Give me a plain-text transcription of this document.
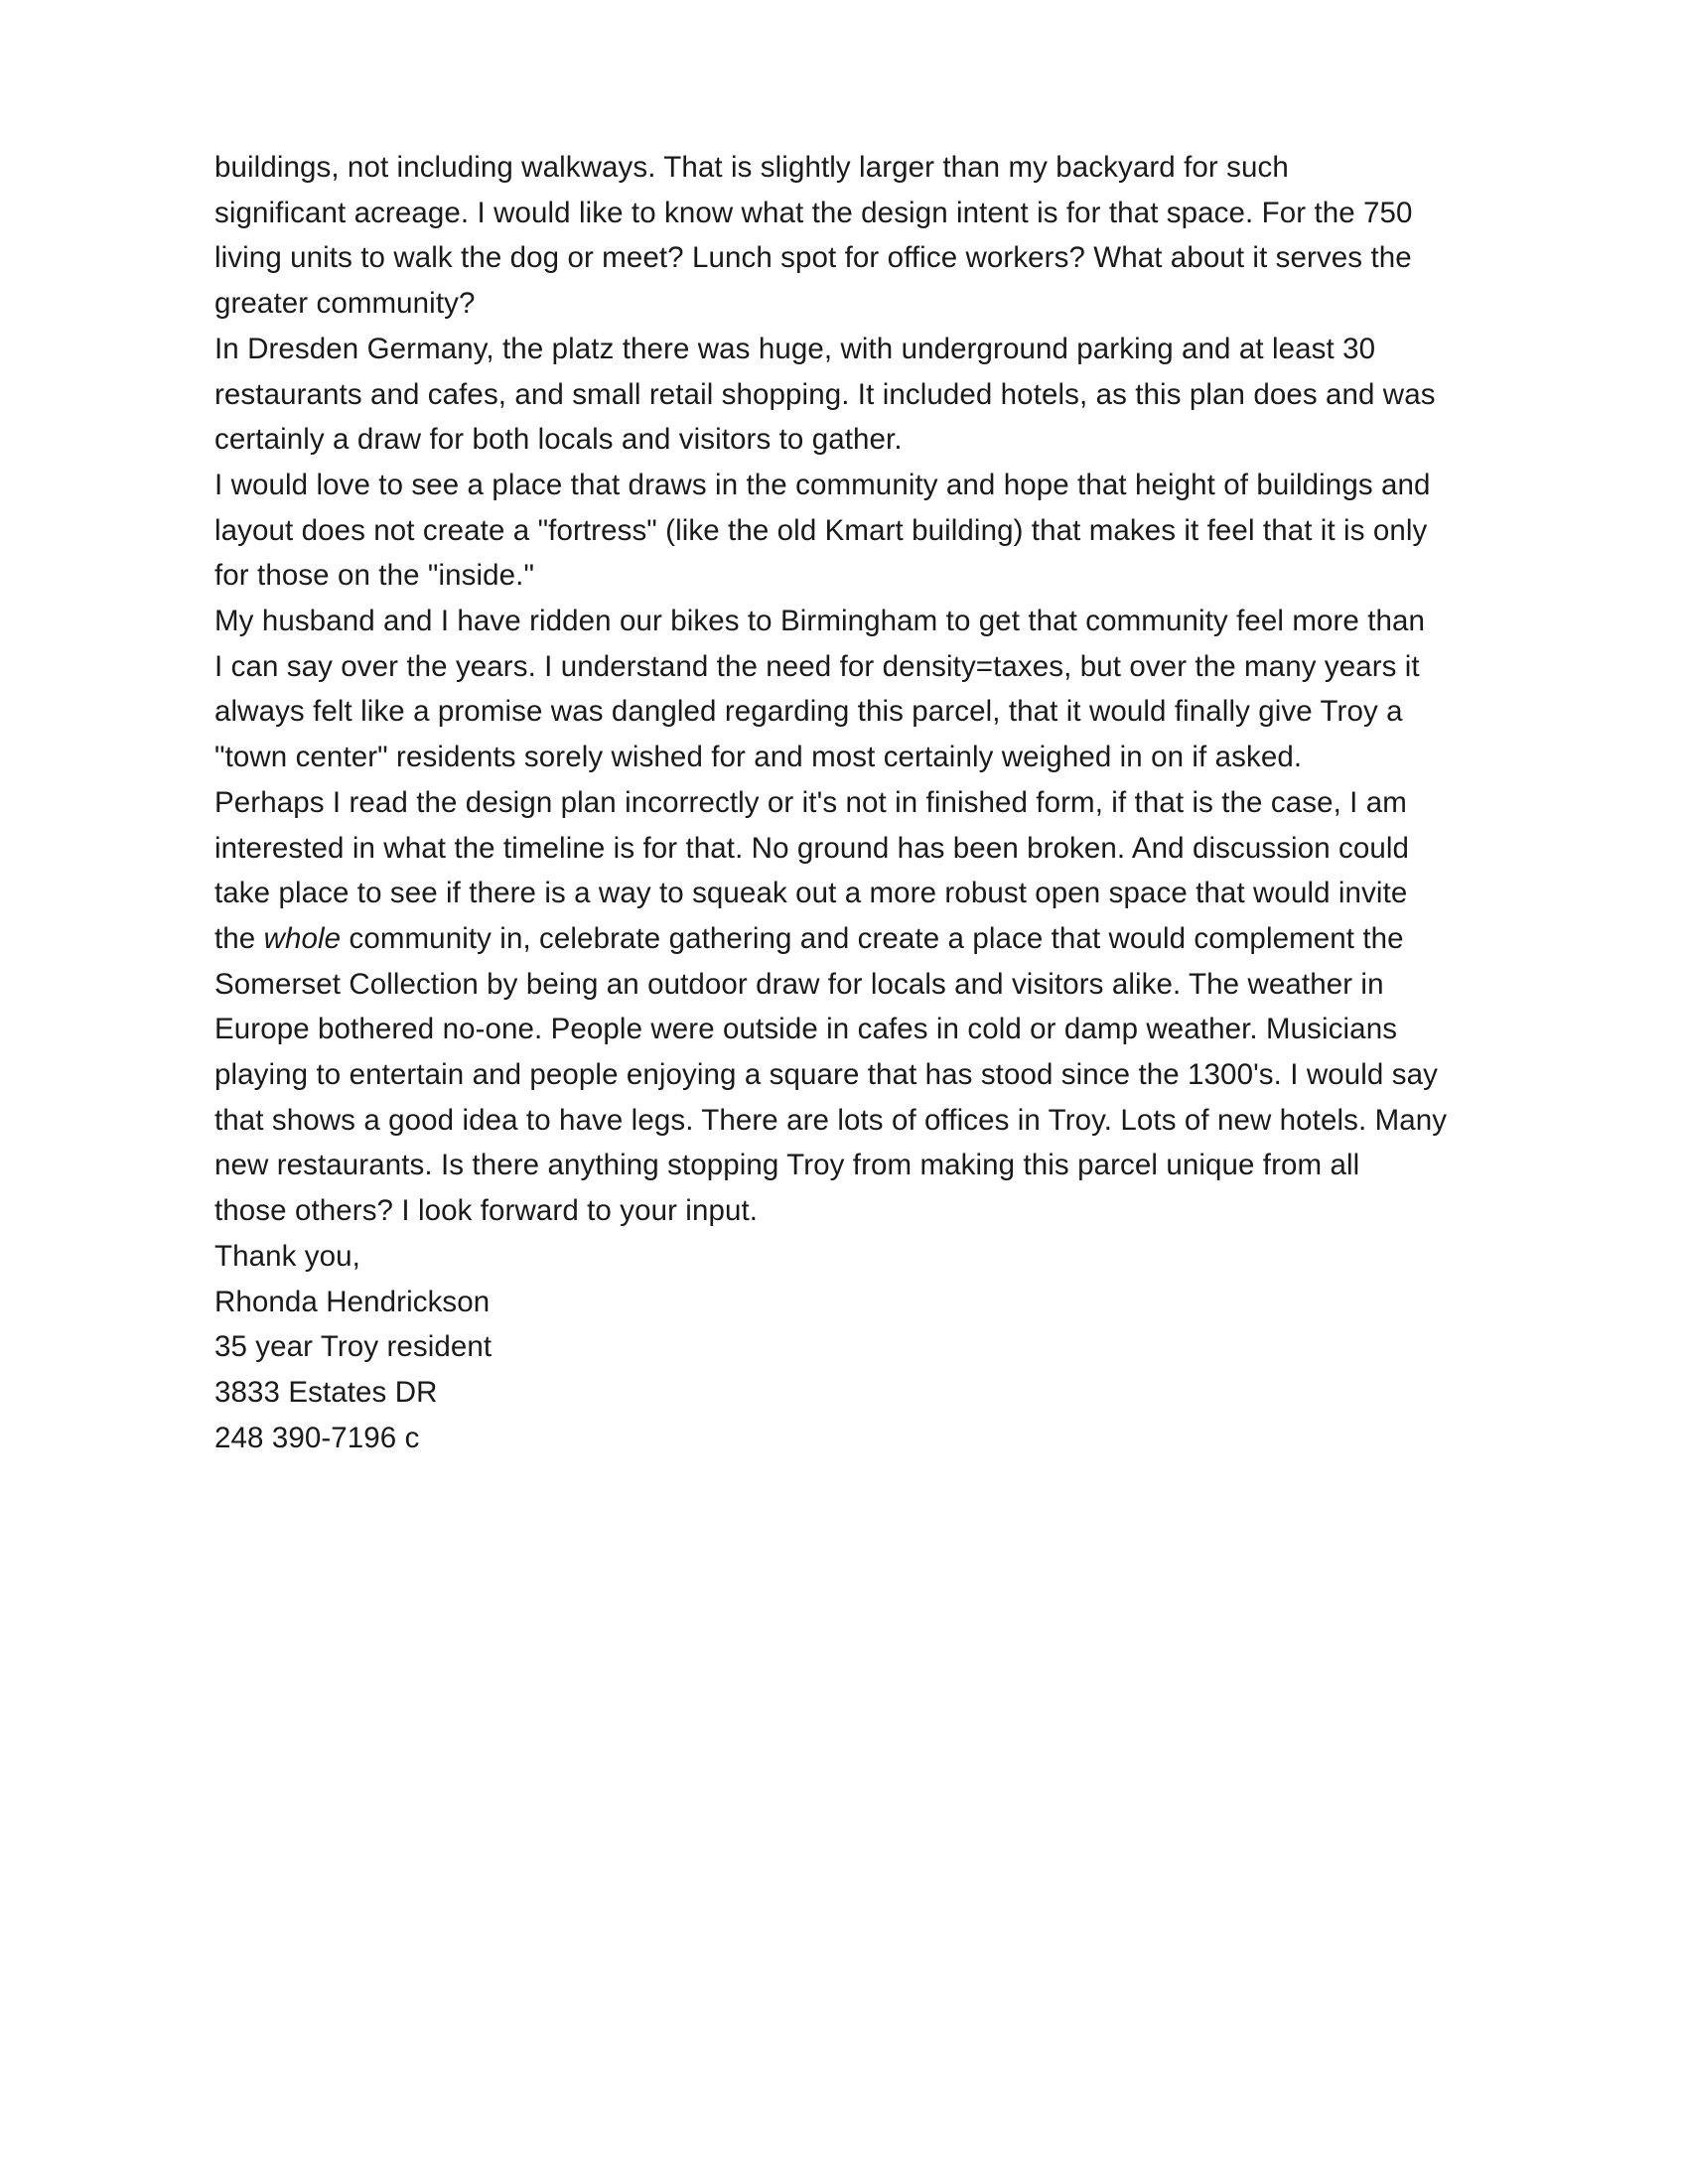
buildings, not including walkways. That is slightly larger than my backyard for such
significant acreage. I would like to know what the design intent is for that space. For the 750
living units to walk the dog or meet? Lunch spot for office workers? What about it serves the
greater community?
In Dresden Germany, the platz there was huge, with underground parking and at least 30
restaurants and cafes, and small retail shopping. It included hotels, as this plan does and was
certainly a draw for both locals and visitors to gather.
I would love to see a place that draws in the community and hope that height of buildings and
layout does not create a "fortress" (like the old Kmart building) that makes it feel that it is only
for those on the "inside."
My husband and I have ridden our bikes to Birmingham to get that community feel more than
I can say over the years. I understand the need for density=taxes, but over the many years it
always felt like a promise was dangled regarding this parcel, that it would finally give Troy a
"town center" residents sorely wished for and most certainly weighed in on if asked.
Perhaps I read the design plan incorrectly or it's not in finished form, if that is the case, I am
interested in what the timeline is for that. No ground has been broken. And discussion could
take place to see if there is a way to squeak out a more robust open space that would invite
the whole community in, celebrate gathering and create a place that would complement the
Somerset Collection by being an outdoor draw for locals and visitors alike. The weather in
Europe bothered no-one. People were outside in cafes in cold or damp weather. Musicians
playing to entertain and people enjoying a square that has stood since the 1300's. I would say
that shows a good idea to have legs. There are lots of offices in Troy. Lots of new hotels. Many
new restaurants. Is there anything stopping Troy from making this parcel unique from all
those others? I look forward to your input.
Thank you,
Rhonda Hendrickson
35 year Troy resident
3833 Estates DR
248 390-7196 c
